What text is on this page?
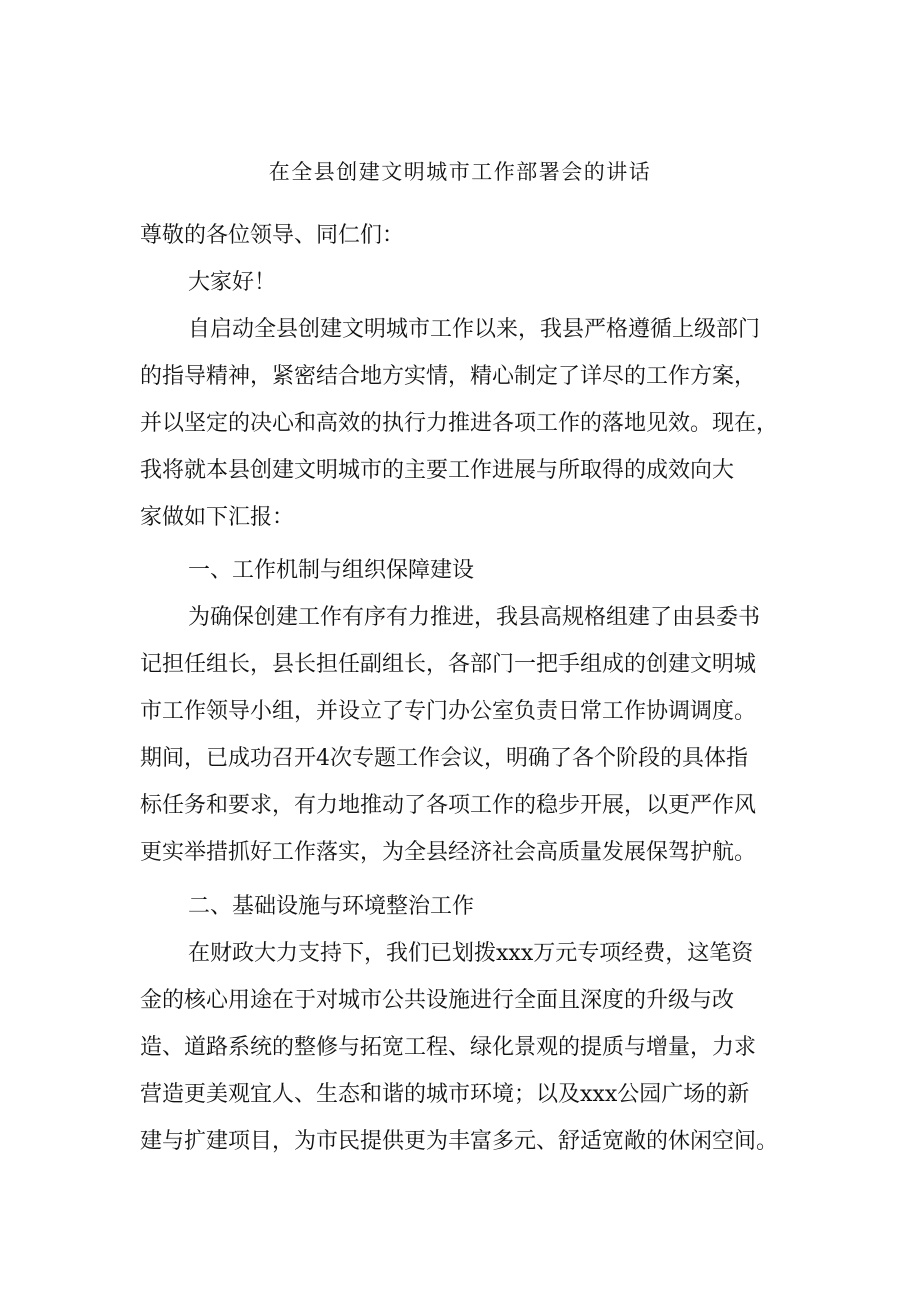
在全县创建文明城市工作部署会的讲话

尊敬的各位领导、同仁们：

大家好！

自启动全县创建文明城市工作以来，我县严格遵循上级部门

的指导精神，紧密结合地方实情，精心制定了详尽的工作方案，

并以坚定的决心和高效的执行力推进各项工作的落地见效。现在，

我将就本县创建文明城市的主要工作进展与所取得的成效向大

家做如下汇报：

一、工作机制与组织保障建设

为确保创建工作有序有力推进，我县高规格组建了由县委书

记担任组长，县长担任副组长，各部门一把手组成的创建文明城

市工作领导小组，并设立了专门办公室负责日常工作协调调度。

期间，已成功召开4次专题工作会议，明确了各个阶段的具体指

标任务和要求，有力地推动了各项工作的稳步开展，以更严作风

更实举措抓好工作落实，为全县经济社会高质量发展保驾护航。

二、基础设施与环境整治工作

在财政大力支持下，我们已划拨xxx万元专项经费，这笔资

金的核心用途在于对城市公共设施进行全面且深度的升级与改

造、道路系统的整修与拓宽工程、绿化景观的提质与增量，力求

营造更美观宜人、生态和谐的城市环境；以及xxx公园广场的新

建与扩建项目，为市民提供更为丰富多元、舒适宽敞的休闲空间。
